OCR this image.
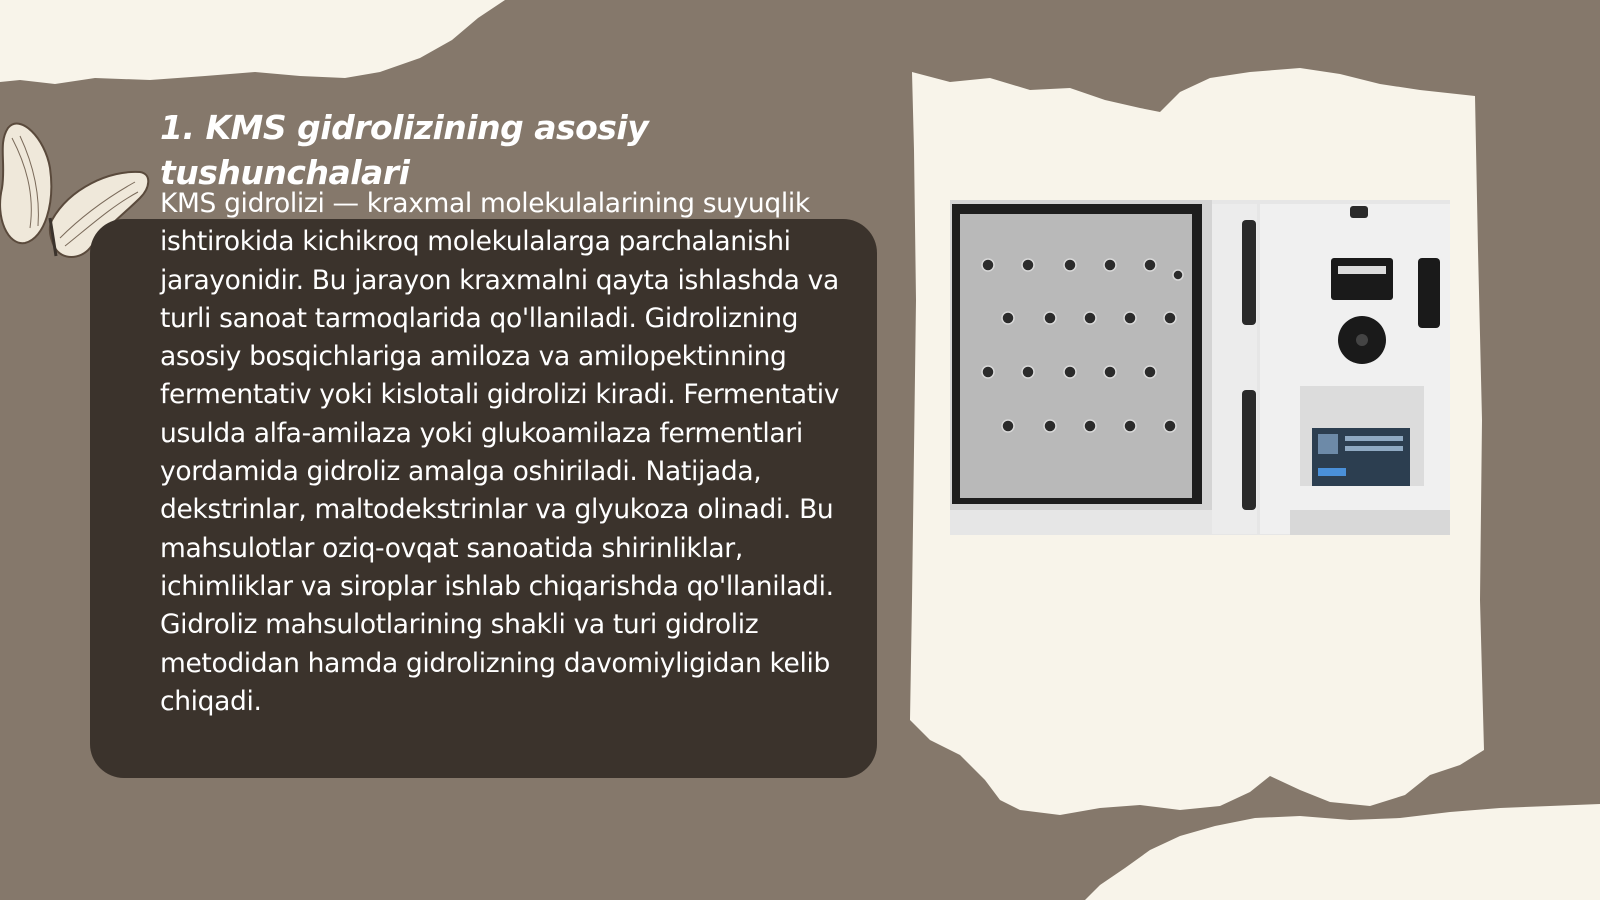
1. KMS gidrolizining asosiy tushunchalari

KMS gidrolizi — kraxmal molekulalarining suyuqlik ishtirokida kichikroq molekulalarga parchalanishi jarayonidir. Bu jarayon kraxmalni qayta ishlashda va turli sanoat tarmoqlarida qo'llaniladi. Gidrolizning asosiy bosqichlariga amiloza va amilopektinning fermentativ yoki kislotali gidrolizi kiradi. Fermentativ usulda alfa-amilaza yoki glukoamilaza fermentlari yordamida gidroliz amalga oshiriladi. Natijada, dekstrinlar, maltodekstrinlar va glyukoza olinadi. Bu mahsulotlar oziq-ovqat sanoatida shirinliklar, ichimliklar va siroplar ishlab chiqarishda qo'llaniladi. Gidroliz mahsulotlarining shakli va turi gidroliz metodidan hamda gidrolizning davomiyligidan kelib chiqadi.
